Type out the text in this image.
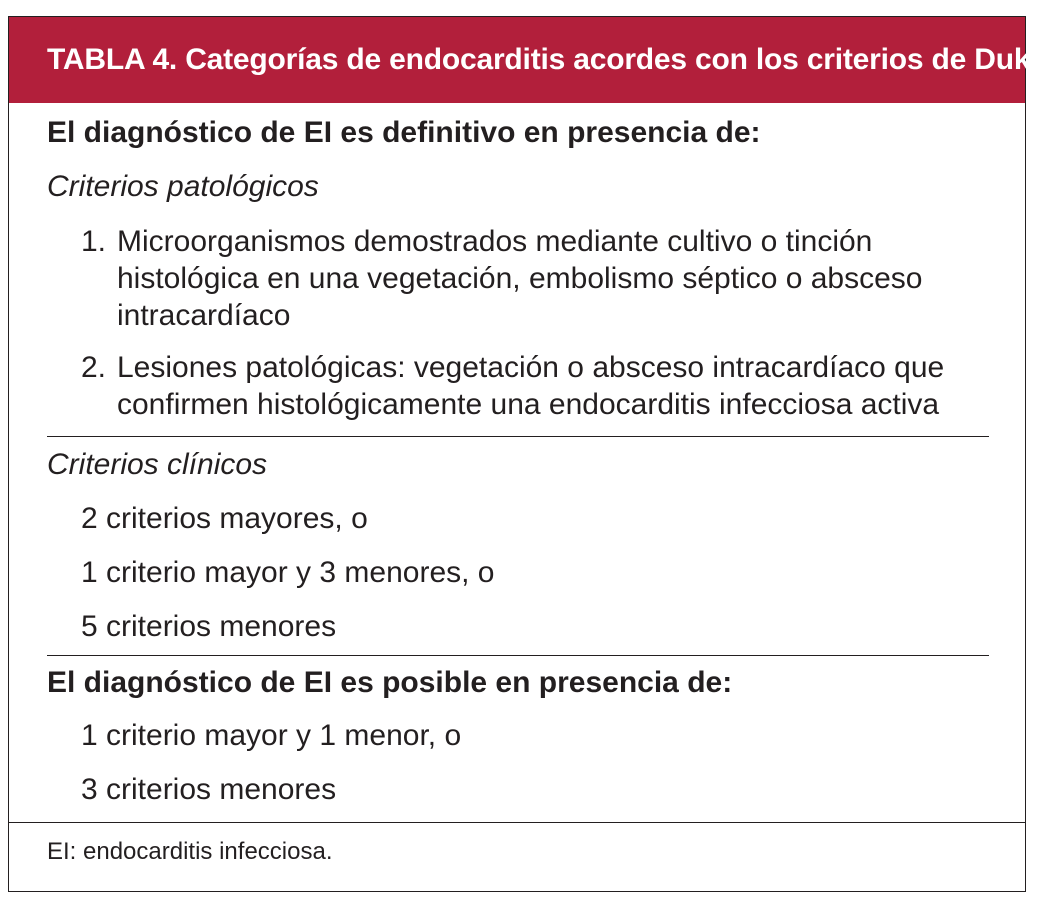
TABLA 4. Categorías de endocarditis acordes con los criterios de Duke
El diagnóstico de EI es definitivo en presencia de:
Criterios patológicos
1. Microorganismos demostrados mediante cultivo o tinción
histológica en una vegetación, embolismo séptico o absceso
intracardíaco
2. Lesiones patológicas: vegetación o absceso intracardíaco que
confirmen histológicamente una endocarditis infecciosa activa
Criterios clínicos
2 criterios mayores, o
1 criterio mayor y 3 menores, o
5 criterios menores
El diagnóstico de EI es posible en presencia de:
1 criterio mayor y 1 menor, o
3 criterios menores
EI: endocarditis infecciosa.
